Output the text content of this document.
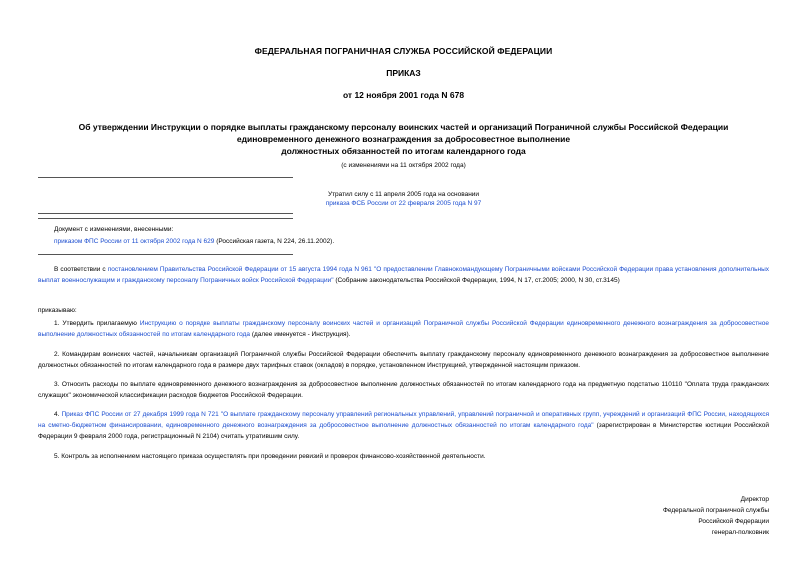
ФЕДЕРАЛЬНАЯ ПОГРАНИЧНАЯ СЛУЖБА РОССИЙСКОЙ ФЕДЕРАЦИИ
ПРИКАЗ
от 12 ноября 2001 года N 678
Об утверждении Инструкции о порядке выплаты гражданскому персоналу воинских частей и организаций Пограничной службы Российской Федерации
единовременного денежного вознаграждения за добросовестное выполнение
должностных обязанностей по итогам календарного года
(с изменениями на 11 октября 2002 года)
Утратил силу с 11 апреля 2005 года на основании
приказа ФСБ России от 22 февраля 2005 года N 97
Документ с изменениями, внесенными:
приказом ФПС России от 11 октября 2002 года N 629 (Российская газета, N 224, 26.11.2002).
В соответствии с постановлением Правительства Российской Федерации от 15 августа 1994 года N 961 "О предоставлении Главнокомандующему Пограничными войсками Российской Федерации права установления дополнительных выплат военнослужащим и гражданскому персоналу Пограничных войск Российской Федерации" (Собрание законодательства Российской Федерации, 1994, N 17, ст.2005; 2000, N 30, ст.3145)
приказываю:
1. Утвердить прилагаемую Инструкцию о порядке выплаты гражданскому персоналу воинских частей и организаций Пограничной службы Российской Федерации единовременного денежного вознаграждения за добросовестное выполнение должностных обязанностей по итогам календарного года (далее именуется - Инструкция).
2. Командирам воинских частей, начальникам организаций Пограничной службы Российской Федерации обеспечить выплату гражданскому персоналу единовременного денежного вознаграждения за добросовестное выполнение должностных обязанностей по итогам календарного года в размере двух тарифных ставок (окладов) в порядке, установленном Инструкцией, утвержденной настоящим приказом.
3. Относить расходы по выплате единовременного денежного вознаграждения за добросовестное выполнение должностных обязанностей по итогам календарного года на предметную подстатью 110110 "Оплата труда гражданских служащих" экономической классификации расходов бюджетов Российской Федерации.
4. Приказ ФПС России от 27 декабря 1999 года N 721 "О выплате гражданскому персоналу управлений региональных управлений, управлений пограничной и оперативных групп, учреждений и организаций ФПС России, находящихся на сметно-бюджетном финансировании, единовременного денежного вознаграждения за добросовестное выполнение должностных обязанностей по итогам календарного года" (зарегистрирован в Министерстве юстиции Российской Федерации 9 февраля 2000 года, регистрационный N 2104) считать утратившим силу.
5. Контроль за исполнением настоящего приказа осуществлять при проведении ревизий и проверок финансово-хозяйственной деятельности.
Директор
Федеральной пограничной службы
Российской Федерации
генерал-полковник
